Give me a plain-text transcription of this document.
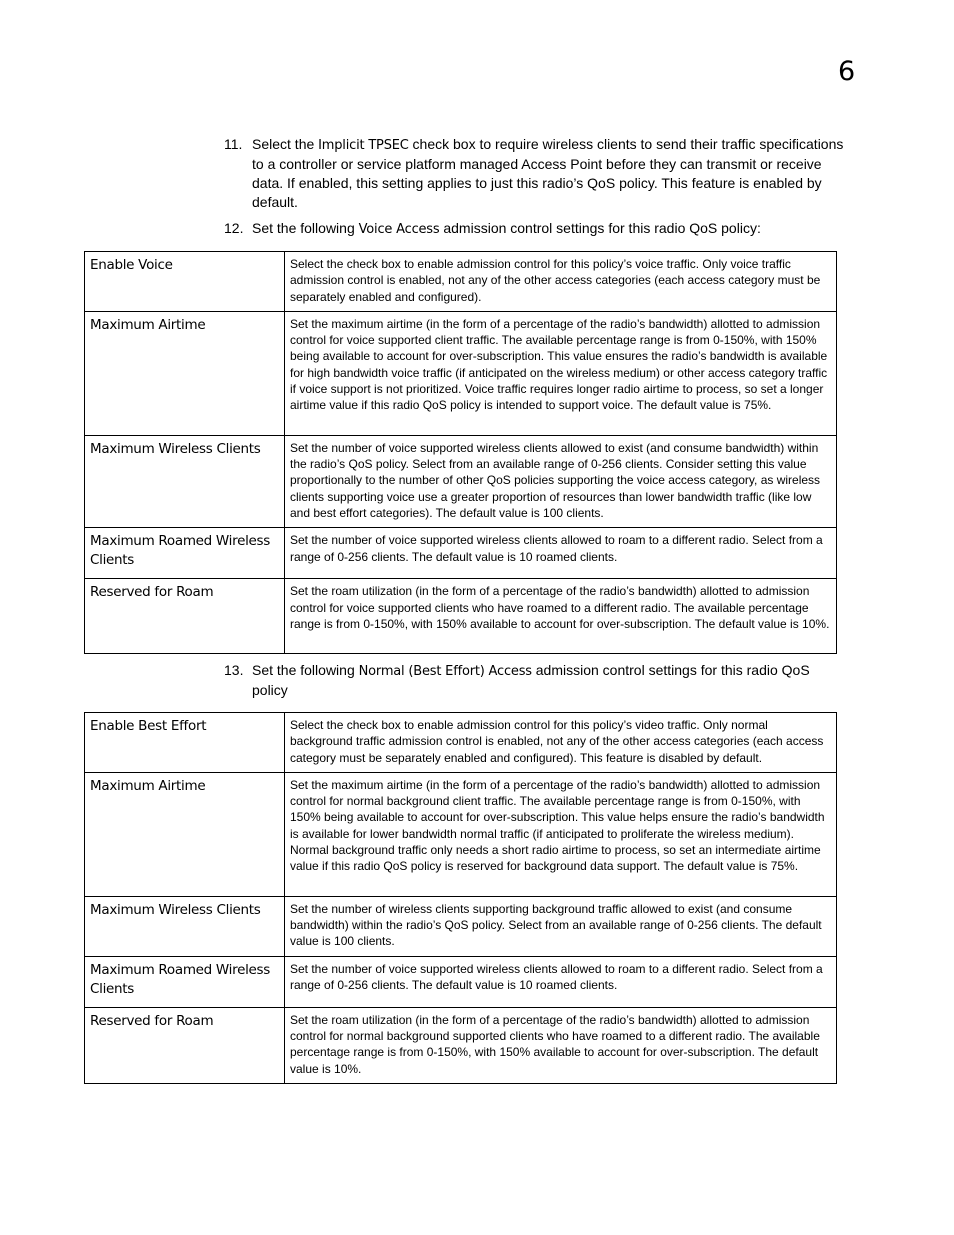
6
11. Select the Implicit TPSEC check box to require wireless clients to send their traffic specifications to a controller or service platform managed Access Point before they can transmit or receive data. If enabled, this setting applies to just this radio’s QoS policy. This feature is enabled by default.
12. Set the following Voice Access admission control settings for this radio QoS policy:
Enable Voice	Select the check box to enable admission control for this policy’s voice traffic. Only voice traffic admission control is enabled, not any of the other access categories (each access category must be separately enabled and configured).
Maximum Airtime	Set the maximum airtime (in the form of a percentage of the radio’s bandwidth) allotted to admission control for voice supported client traffic. The available percentage range is from 0-150%, with 150% being available to account for over-subscription. This value ensures the radio’s bandwidth is available for high bandwidth voice traffic (if anticipated on the wireless medium) or other access category traffic if voice support is not prioritized. Voice traffic requires longer radio airtime to process, so set a longer airtime value if this radio QoS policy is intended to support voice. The default value is 75%.
Maximum Wireless Clients	Set the number of voice supported wireless clients allowed to exist (and consume bandwidth) within the radio’s QoS policy. Select from an available range of 0-256 clients. Consider setting this value proportionally to the number of other QoS policies supporting the voice access category, as wireless clients supporting voice use a greater proportion of resources than lower bandwidth traffic (like low and best effort categories). The default value is 100 clients.
Maximum Roamed Wireless Clients	Set the number of voice supported wireless clients allowed to roam to a different radio. Select from a range of 0-256 clients. The default value is 10 roamed clients.
Reserved for Roam	Set the roam utilization (in the form of a percentage of the radio’s bandwidth) allotted to admission control for voice supported clients who have roamed to a different radio. The available percentage range is from 0-150%, with 150% available to account for over-subscription. The default value is 10%.
13. Set the following Normal (Best Effort) Access admission control settings for this radio QoS policy
Enable Best Effort	Select the check box to enable admission control for this policy’s video traffic. Only normal background traffic admission control is enabled, not any of the other access categories (each access category must be separately enabled and configured). This feature is disabled by default.
Maximum Airtime	Set the maximum airtime (in the form of a percentage of the radio’s bandwidth) allotted to admission control for normal background client traffic. The available percentage range is from 0-150%, with 150% being available to account for over-subscription. This value helps ensure the radio’s bandwidth is available for lower bandwidth normal traffic (if anticipated to proliferate the wireless medium). Normal background traffic only needs a short radio airtime to process, so set an intermediate airtime value if this radio QoS policy is reserved for background data support. The default value is 75%.
Maximum Wireless Clients	Set the number of wireless clients supporting background traffic allowed to exist (and consume bandwidth) within the radio’s QoS policy. Select from an available range of 0-256 clients. The default value is 100 clients.
Maximum Roamed Wireless Clients	Set the number of voice supported wireless clients allowed to roam to a different radio. Select from a range of 0-256 clients. The default value is 10 roamed clients.
Reserved for Roam	Set the roam utilization (in the form of a percentage of the radio’s bandwidth) allotted to admission control for normal background supported clients who have roamed to a different radio. The available percentage range is from 0-150%, with 150% available to account for over-subscription. The default value is 10%.
